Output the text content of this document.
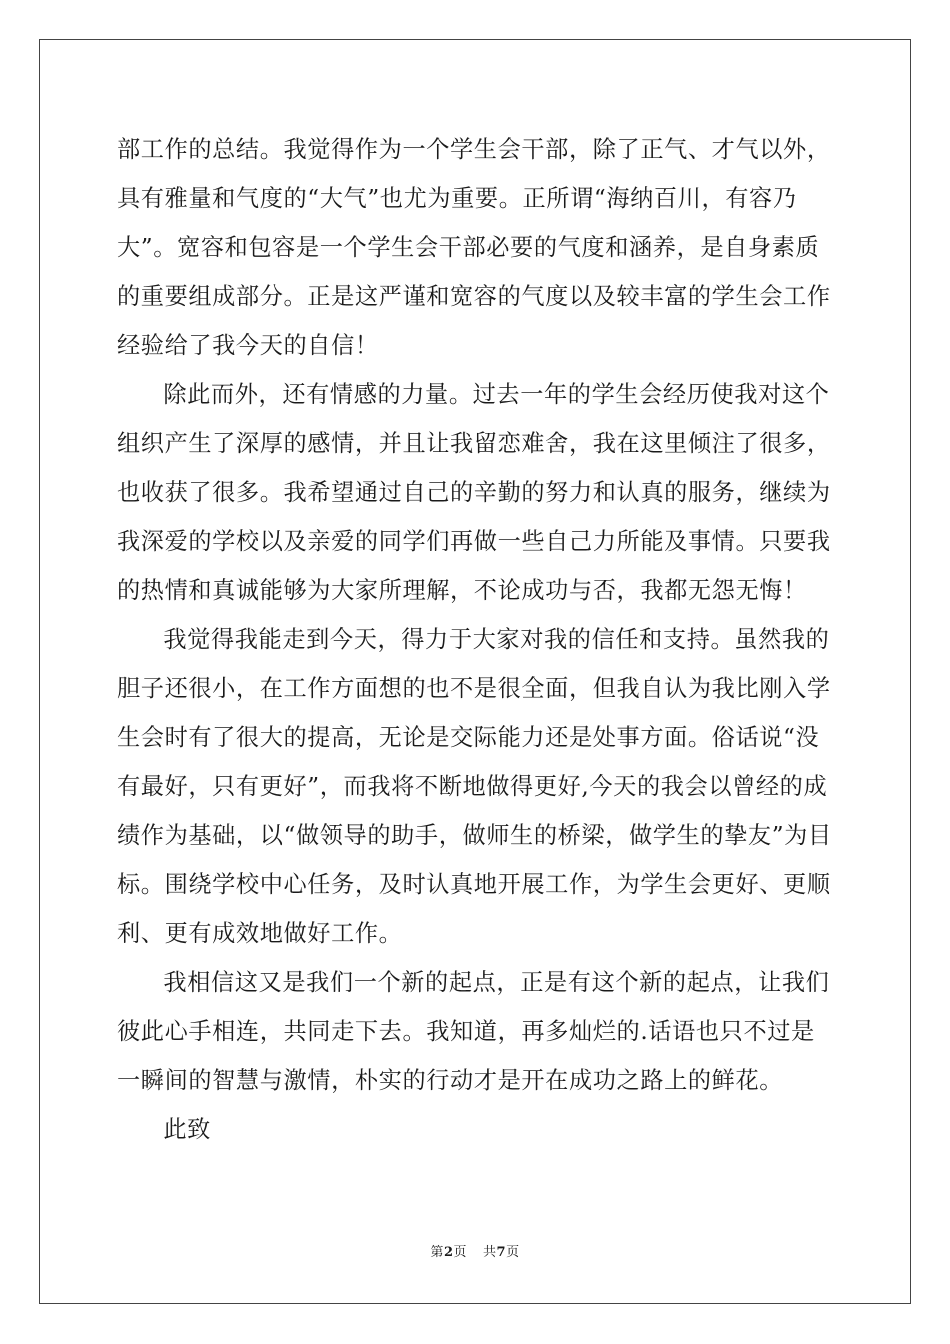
部工作的总结。我觉得作为一个学生会干部，除了正气、才气以外，具有雅量和气度的“大气”也尤为重要。正所谓“海纳百川，有容乃大”。宽容和包容是一个学生会干部必要的气度和涵养，是自身素质的重要组成部分。正是这严谨和宽容的气度以及较丰富的学生会工作经验给了我今天的自信！

除此而外，还有情感的力量。过去一年的学生会经历使我对这个组织产生了深厚的感情，并且让我留恋难舍，我在这里倾注了很多，也收获了很多。我希望通过自己的辛勤的努力和认真的服务，继续为我深爱的学校以及亲爱的同学们再做一些自己力所能及事情。只要我的热情和真诚能够为大家所理解，不论成功与否，我都无怨无悔！

我觉得我能走到今天，得力于大家对我的信任和支持。虽然我的胆子还很小，在工作方面想的也不是很全面，但我自认为我比刚入学生会时有了很大的提高，无论是交际能力还是处事方面。俗话说“没有最好，只有更好”，而我将不断地做得更好,今天的我会以曾经的成绩作为基础，以“做领导的助手，做师生的桥梁，做学生的挚友”为目标。围绕学校中心任务，及时认真地开展工作，为学生会更好、更顺利、更有成效地做好工作。

我相信这又是我们一个新的起点，正是有这个新的起点，让我们彼此心手相连，共同走下去。我知道，再多灿烂的.话语也只不过是一瞬间的智慧与激情，朴实的行动才是开在成功之路上的鲜花。

此致

第2页 共7页
